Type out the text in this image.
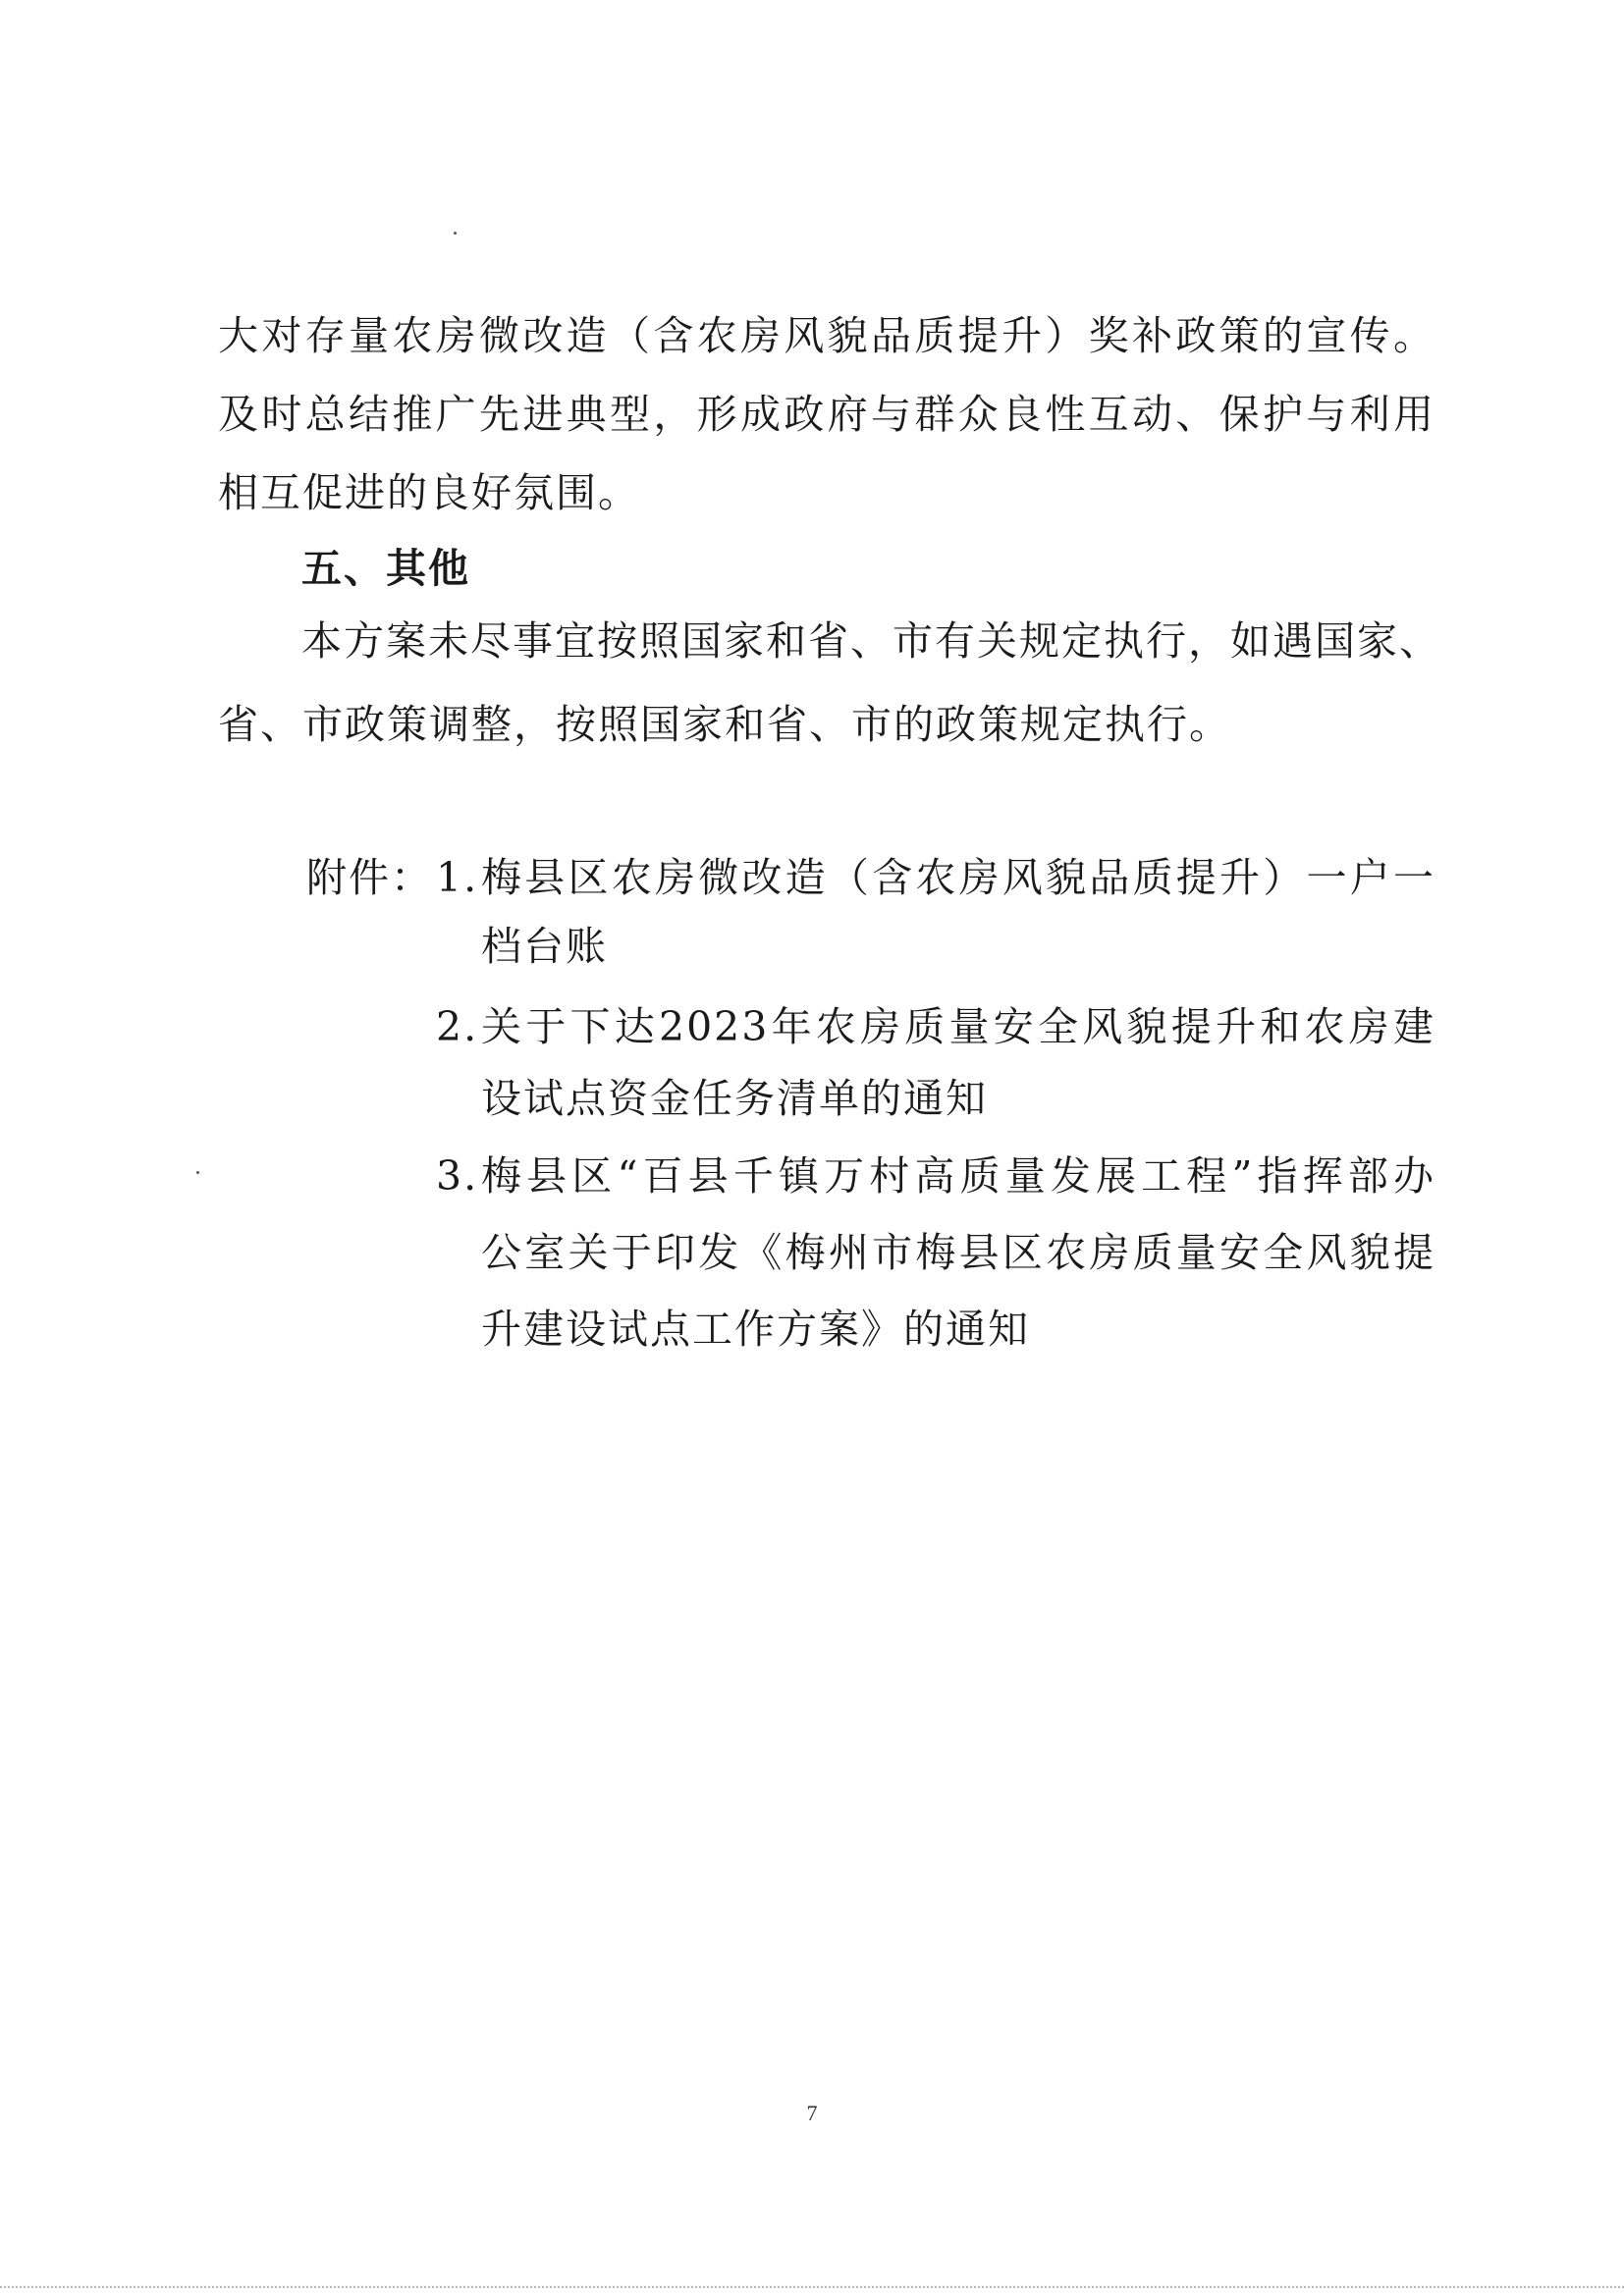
大对存量农房微改造（含农房风貌品质提升）奖补政策的宣传。
及时总结推广先进典型，形成政府与群众良性互动、保护与利用
相互促进的良好氛围。
五、其他
本方案未尽事宜按照国家和省、市有关规定执行，如遇国家、
省、市政策调整，按照国家和省、市的政策规定执行。
附件： 1. 梅县区农房微改造（含农房风貌品质提升）一户一
档台账
2. 关于下达2023年农房质量安全风貌提升和农房建
设试点资金任务清单的通知
3. 梅县区“百县千镇万村高质量发展工程”指挥部办
公室关于印发《梅州市梅县区农房质量安全风貌提
升建设试点工作方案》的通知
7
